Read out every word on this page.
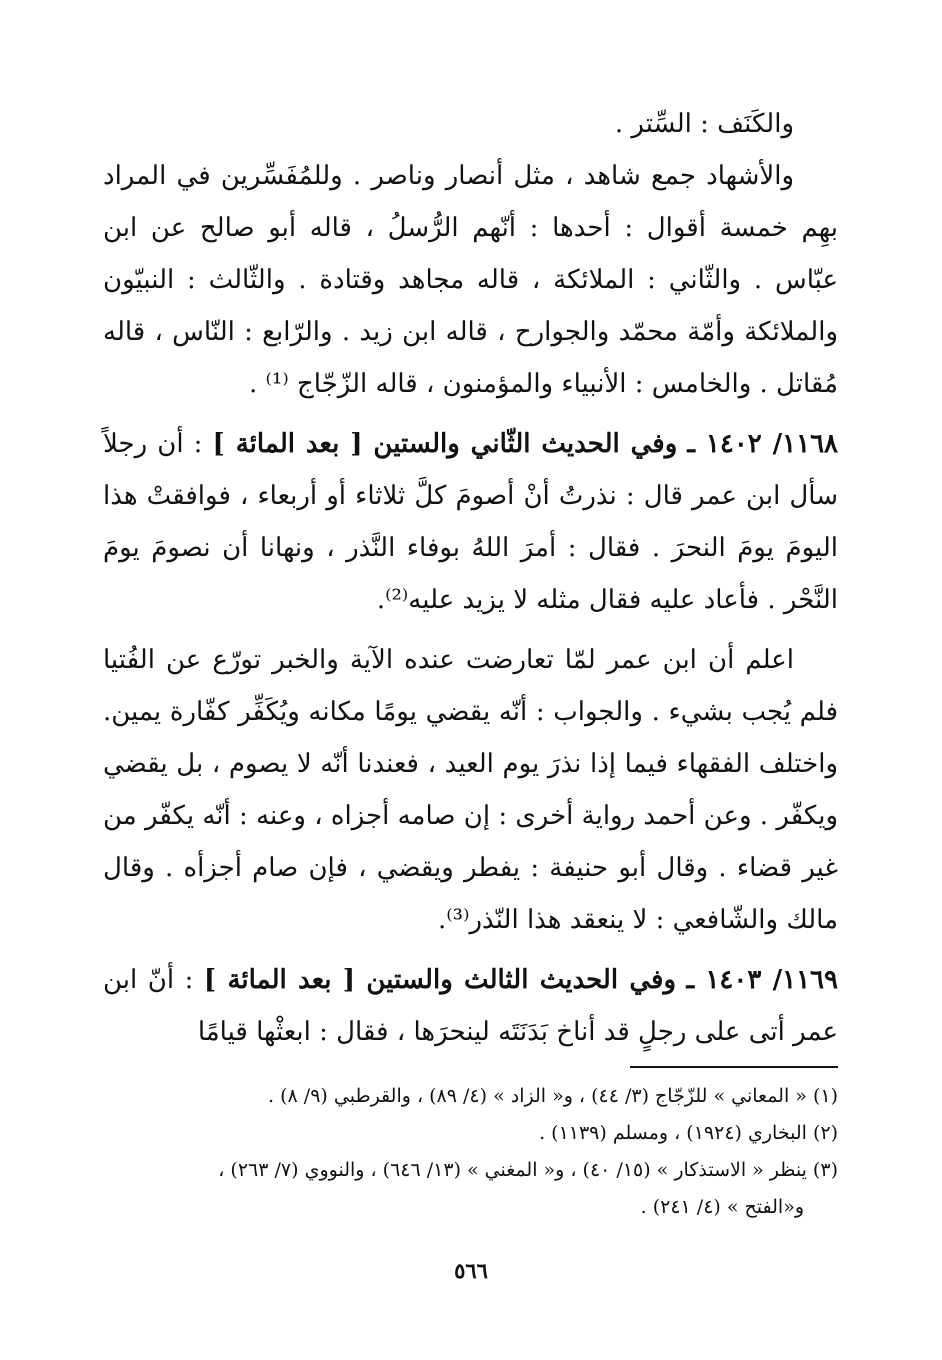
والكَنَف : السِّتر .

والأشهاد جمع شاهد ، مثل أنصار وناصر . وللمُفَسِّرين في المراد بهِم خمسة أقوال : أحدها : أنّهم الرُّسلُ ، قاله أبو صالح عن ابن عبّاس . والثّاني : الملائكة ، قاله مجاهد وقتادة . والثّالث : النبيّون والملائكة وأمّة محمّد والجوارح ، قاله ابن زيد . والرّابع : النّاس ، قاله مُقاتل . والخامس : الأنبياء والمؤمنون ، قاله الزّجّاج ⁽¹⁾ .

١١٦٨/ ١٤٠٢ ـ وفي الحديث الثّاني والستين [ بعد المائة ] : أن رجلاً سأل ابن عمر قال : نذرتُ أنْ أصومَ كلَّ ثلاثاء أو أربعاء ، فوافقتْ هذا اليومَ يومَ النحرَ . فقال : أمرَ اللهُ بوفاء النَّذر ، ونهانا أن نصومَ يومَ النَّحْر . فأعاد عليه فقال مثله لا يزيد عليه⁽²⁾.

اعلم أن ابن عمر لمّا تعارضت عنده الآية والخبر تورّع عن الفُتيا فلم يُجب بشيء . والجواب : أنّه يقضي يومًا مكانه ويُكَفِّر كفّارة يمين. واختلف الفقهاء فيما إذا نذرَ يوم العيد ، فعندنا أنّه لا يصوم ، بل يقضي ويكفّر . وعن أحمد رواية أخرى : إن صامه أجزاه ، وعنه : أنّه يكفّر من غير قضاء . وقال أبو حنيفة : يفطر ويقضي ، فإن صام أجزأه . وقال مالك والشّافعي : لا ينعقد هذا النّذر⁽³⁾.

١١٦٩/ ١٤٠٣ ـ وفي الحديث الثالث والستين [ بعد المائة ] : أنّ ابن عمر أتى على رجلٍ قد أناخ بَدَنَتَه لينحرَها ، فقال : ابعثْها قيامًا

(١) « المعاني » للزّجّاج (٣/ ٤٤) ، و« الزاد » (٤/ ٨٩) ، والقرطبي (٩/ ٨) .

(٢) البخاري (١٩٢٤) ، ومسلم (١١٣٩) .

(٣) ينظر « الاستذكار » (١٥/ ٤٠) ، و« المغني » (١٣/ ٦٤٦) ، والنووي (٧/ ٢٦٣) ،

و«الفتح » (٤/ ٢٤١) .

٥٦٦
